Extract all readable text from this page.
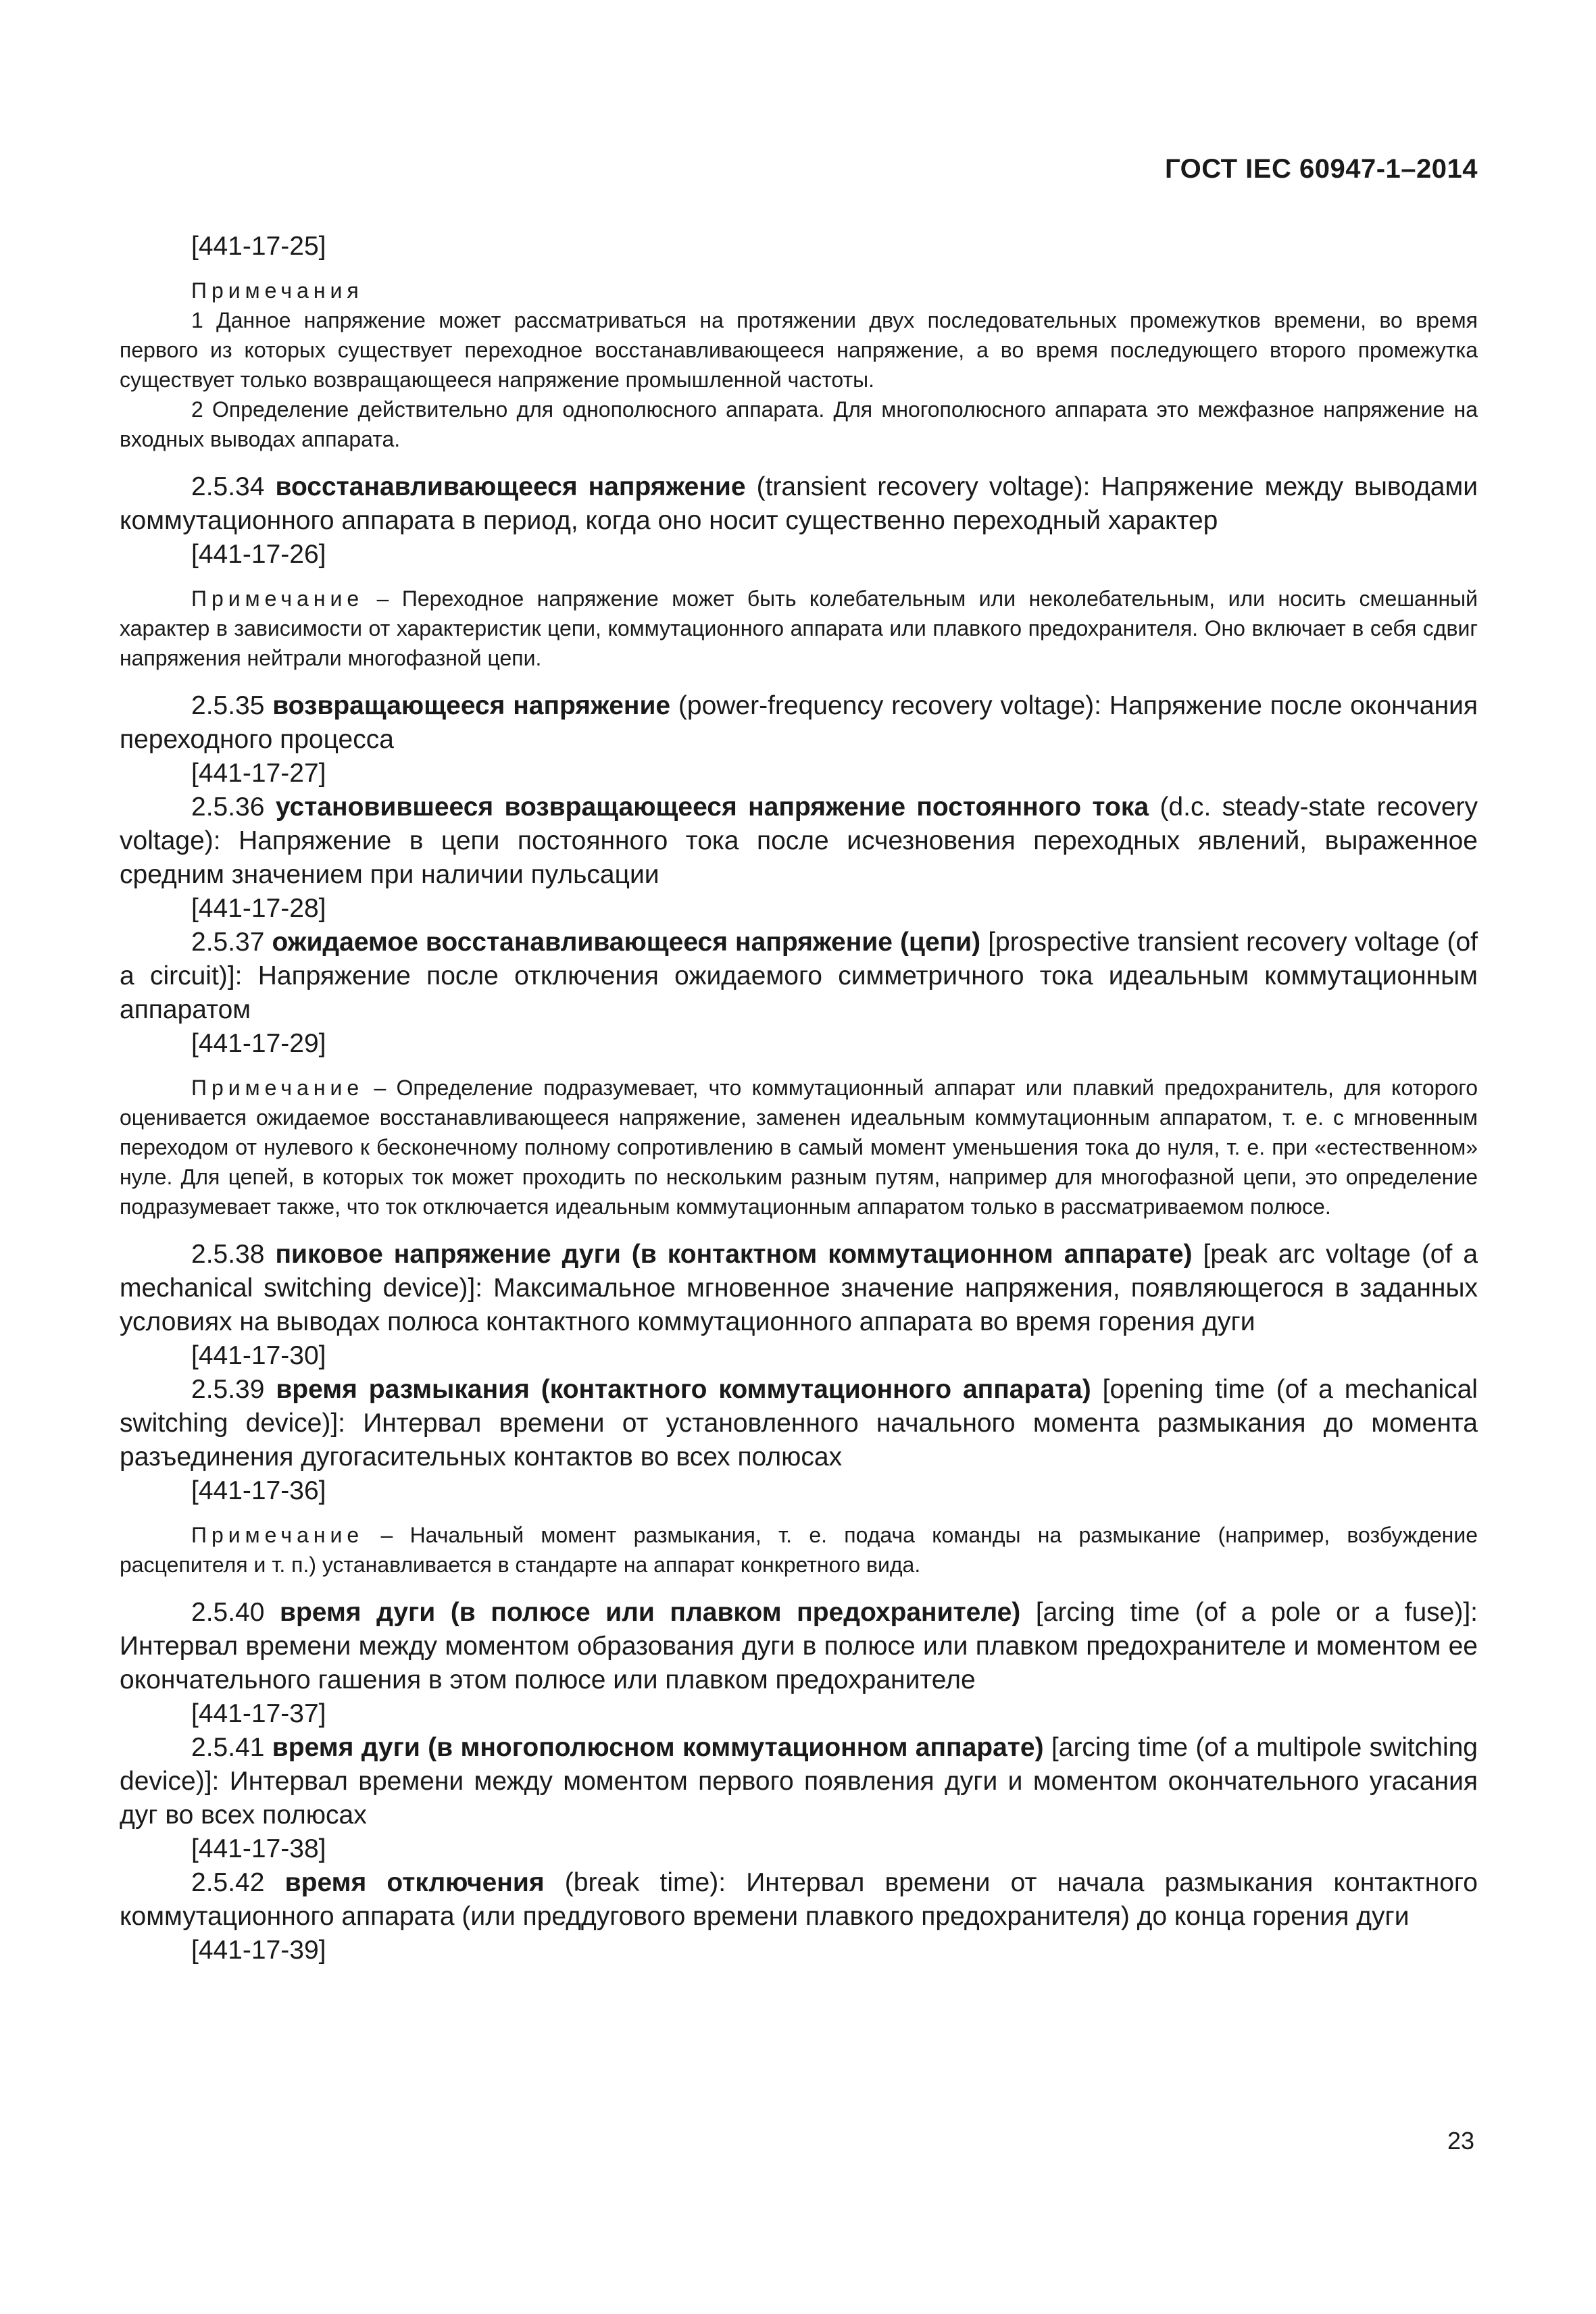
ГОСТ IEC 60947-1–2014

[441-17-25]

Примечания

1 Данное напряжение может рассматриваться на протяжении двух последовательных промежутков времени, во время первого из которых существует переходное восстанавливающееся напряжение, а во время последующего второго промежутка существует только возвращающееся напряжение промышленной частоты.

2 Определение действительно для однополюсного аппарата. Для многополюсного аппарата это межфазное напряжение на входных выводах аппарата.

2.5.34 восстанавливающееся напряжение (transient recovery voltage): Напряжение между выводами коммутационного аппарата в период, когда оно носит существенно переходный характер

[441-17-26]

Примечание – Переходное напряжение может быть колебательным или неколебательным, или носить смешанный характер в зависимости от характеристик цепи, коммутационного аппарата или плавкого предохранителя. Оно включает в себя сдвиг напряжения нейтрали многофазной цепи.

2.5.35 возвращающееся напряжение (power-frequency recovery voltage): Напряжение после окончания переходного процесса

[441-17-27]

2.5.36 установившееся возвращающееся напряжение постоянного тока (d.c. steady-state recovery voltage): Напряжение в цепи постоянного тока после исчезновения переходных явлений, выраженное средним значением при наличии пульсации

[441-17-28]

2.5.37 ожидаемое восстанавливающееся напряжение (цепи) [prospective transient recovery voltage (of a circuit)]: Напряжение после отключения ожидаемого симметричного тока идеальным коммутационным аппаратом

[441-17-29]

Примечание – Определение подразумевает, что коммутационный аппарат или плавкий предохранитель, для которого оценивается ожидаемое восстанавливающееся напряжение, заменен идеальным коммутационным аппаратом, т. е. с мгновенным переходом от нулевого к бесконечному полному сопротивлению в самый момент уменьшения тока до нуля, т. е. при «естественном» нуле. Для цепей, в которых ток может проходить по нескольким разным путям, например для многофазной цепи, это определение подразумевает также, что ток отключается идеальным коммутационным аппаратом только в рассматриваемом полюсе.

2.5.38 пиковое напряжение дуги (в контактном коммутационном аппарате) [peak arc voltage (of a mechanical switching device)]: Максимальное мгновенное значение напряжения, появляющегося в заданных условиях на выводах полюса контактного коммутационного аппарата во время горения дуги

[441-17-30]

2.5.39 время размыкания (контактного коммутационного аппарата) [opening time (of a mechanical switching device)]: Интервал времени от установленного начального момента размыкания до момента разъединения дугогасительных контактов во всех полюсах

[441-17-36]

Примечание – Начальный момент размыкания, т. е. подача команды на размыкание (например, возбуждение расцепителя и т. п.) устанавливается в стандарте на аппарат конкретного вида.

2.5.40 время дуги (в полюсе или плавком предохранителе) [arcing time (of a pole or a fuse)]: Интервал времени между моментом образования дуги в полюсе или плавком предохранителе и моментом ее окончательного гашения в этом полюсе или плавком предохранителе

[441-17-37]

2.5.41 время дуги (в многополюсном коммутационном аппарате) [arcing time (of a multipole switching device)]: Интервал времени между моментом первого появления дуги и моментом окончательного угасания дуг во всех полюсах

[441-17-38]

2.5.42 время отключения (break time): Интервал времени от начала размыкания контактного коммутационного аппарата (или преддугового времени плавкого предохранителя) до конца горения дуги

[441-17-39]

23
